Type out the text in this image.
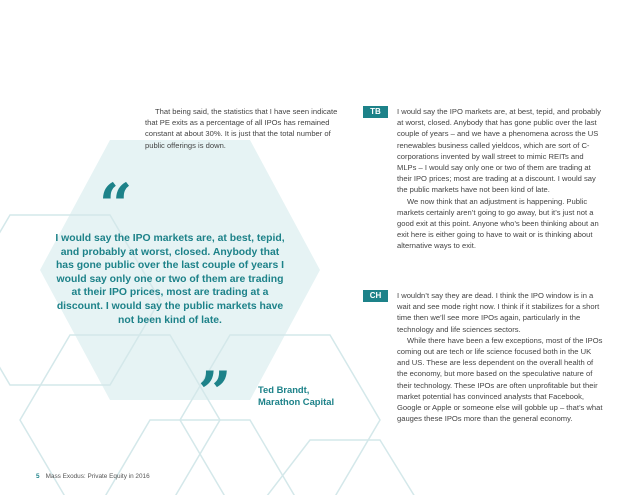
That being said, the statistics that I have seen indicate that PE exits as a percentage of all IPOs has remained constant at about 30%. It is just that the total number of public offerings is down.
“
I would say the IPO markets are, at best, tepid, and probably at worst, closed. Anybody that has gone public over the last couple of years I would say only one or two of them are trading at their IPO prices, most are trading at a discount. I would say the public markets have not been kind of late.
”	Ted Brandt,
Marathon Capital
TB	I would say the IPO markets are, at best, tepid, and probably at worst, closed. Anybody that has gone public over the last couple of years – and we have a phenomena across the US renewables business called yieldcos, which are sort of C-corporations invented by wall street to mimic REITs and MLPs – I would say only one or two of them are trading at their IPO prices; most are trading at a discount. I would say the public markets have not been kind of late.

We now think that an adjustment is happening. Public markets certainly aren’t going to go away, but it’s just not a good exit at this point. Anyone who’s been thinking about an exit here is either going to have to wait or is thinking about alternative ways to exit.

CH	I wouldn’t say they are dead. I think the IPO window is in a wait and see mode right now. I think if it stabilizes for a short time then we’ll see more IPOs again, particularly in the technology and life sciences sectors.

While there have been a few exceptions, most of the IPOs coming out are tech or life science focused both in the UK and US. These are less dependent on the overall health of the economy, but more based on the speculative nature of their technology. These IPOs are often unprofitable but their market potential has convinced analysts that Facebook, Google or Apple or someone else will gobble up – that’s what gauges these IPOs more than the general economy.

5 Mass Exodus: Private Equity in 2016
